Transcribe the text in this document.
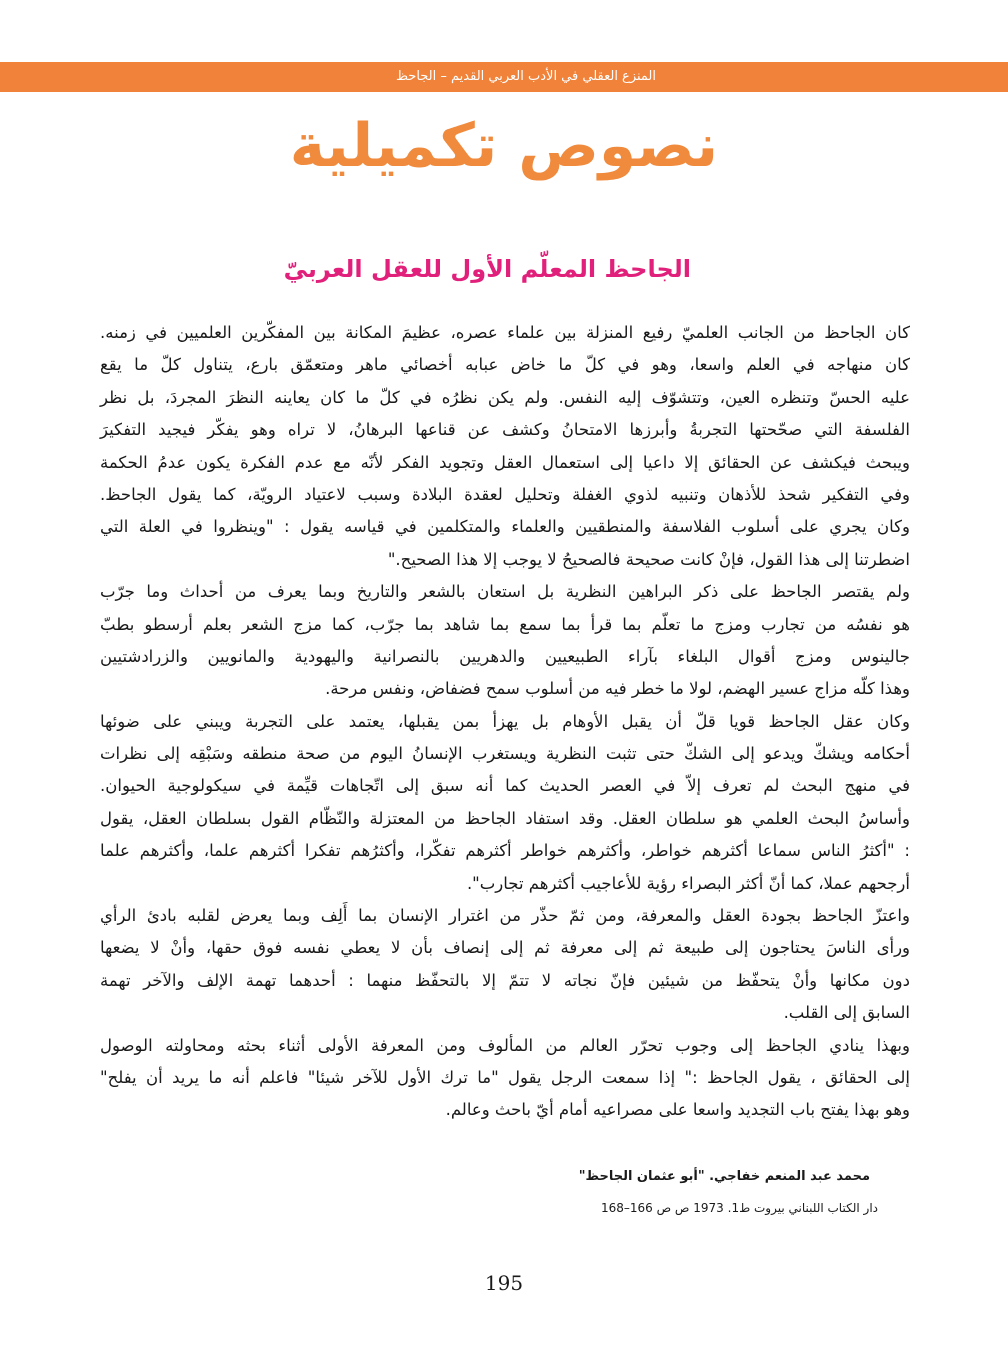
المنزع العقلي في الأدب العربي القديم – الجاحظ
نصوص تكميلية
الجاحظ المعلّم الأول للعقل العربيّ
كان الجاحظ من الجانب العلميّ رفيع المنزلة بين علماء عصره، عظيمَ المكانة بين المفكّرين العلميين في زمنه.
كان منهاجه في العلم واسعا، وهو في كلّ ما خاض عبابه أخصائي ماهر ومتعمّق بارع، يتناول كلّ ما يقع
عليه الحسّ وتنظره العين، وتتشوّف إليه النفس. ولم يكن نظرُه في كلّ ما كان يعاينه النظرَ المجردَ، بل نظر
الفلسفة التي صحّحتها التجربةُ وأبرزها الامتحانُ وكشف عن قناعها البرهانُ، لا تراه وهو يفكّر فيجيد التفكيرَ
ويبحث فيكشف عن الحقائق إلا داعيا إلى استعمال العقل وتجويد الفكر لأنّه مع عدم الفكرة يكون عدمُ الحكمة
وفي التفكير شحذ للأذهان وتنبيه لذوي الغفلة وتحليل لعقدة البلادة وسبب لاعتياد الرويّة، كما يقول الجاحظ.
وكان يجري على أسلوب الفلاسفة والمنطقيين والعلماء والمتكلمين في قياسه يقول : "وينظروا في العلة التي
اضطرتنا إلى هذا القول، فإنْ كانت صحيحة فالصحيحُ لا يوجب إلا هذا الصحيح."
ولم يقتصر الجاحظ على ذكر البراهين النظرية بل استعان بالشعر والتاريخ وبما يعرف من أحداث وما جرّب
هو نفسُه من تجارب ومزج ما تعلّم بما قرأ بما سمع بما شاهد بما جرّب، كما مزج الشعر بعلم أرسطو بطبّ
جالينوس ومزج أقوال البلغاء بآراء الطبيعيين والدهريين بالنصرانية واليهودية والمانويين والزرادشتيين
وهذا كلّه مزاج عسير الهضم، لولا ما خطر فيه من أسلوب سمح فضفاض، ونفس مرحة.
وكان عقل الجاحظ قويا قلّ أن يقبل الأوهام بل يهزأ بمن يقبلها، يعتمد على التجربة ويبني على ضوئها
أحكامه ويشكّ ويدعو إلى الشكّ حتى تثبت النظرية ويستغرب الإنسانُ اليوم من صحة منطقه وسَبْقِه إلى نظرات
في منهج البحث لم تعرف إلاّ في العصر الحديث كما أنه سبق إلى اتّجاهات قيِّمة في سيكولوجية الحيوان.
وأساسُ البحث العلمي هو سلطان العقل. وقد استفاد الجاحظ من المعتزلة والنّظّام القول بسلطان العقل، يقول
: "أكثرُ الناس سماعا أكثرهم خواطر، وأكثرهم خواطر أكثرهم تفكّرا، وأكثرُهم تفكرا أكثرهم علما، وأكثرهم علما
أرجحهم عملا، كما أنّ أكثر البصراء رؤية للأعاجيب أكثرهم تجارب".
واعتزّ الجاحظ بجودة العقل والمعرفة، ومن ثمّ حذّر من اغترار الإنسان بما أَلِف وبما يعرض لقلبه بادئ الرأي
ورأى الناسَ يحتاجون إلى طبيعة ثم إلى معرفة ثم إلى إنصاف بأن لا يعطي نفسه فوق حقها، وأنْ لا يضعها
دون مكانها وأنْ يتحفّظ من شيئين فإنّ نجاته لا تتمّ إلا بالتحفّظ منهما : أحدهما تهمة الإلف والآخر تهمة
السابق إلى القلب.
وبهذا ينادي الجاحظ إلى وجوب تحرّر العالم من المألوف ومن المعرفة الأولى أثناء بحثه ومحاولته الوصول
إلى الحقائق ، يقول الجاحظ :" إذا سمعت الرجل يقول "ما ترك الأول للآخر شيئا" فاعلم أنه ما يريد أن يفلح"
وهو بهذا يفتح باب التجديد واسعا على مصراعيه أمام أيّ باحث وعالم.
محمد عبد المنعم خفاجي. "أبو عثمان الجاحظ"
دار الكتاب اللبناني بيروت ط1. 1973 ص ص 166–168
195
